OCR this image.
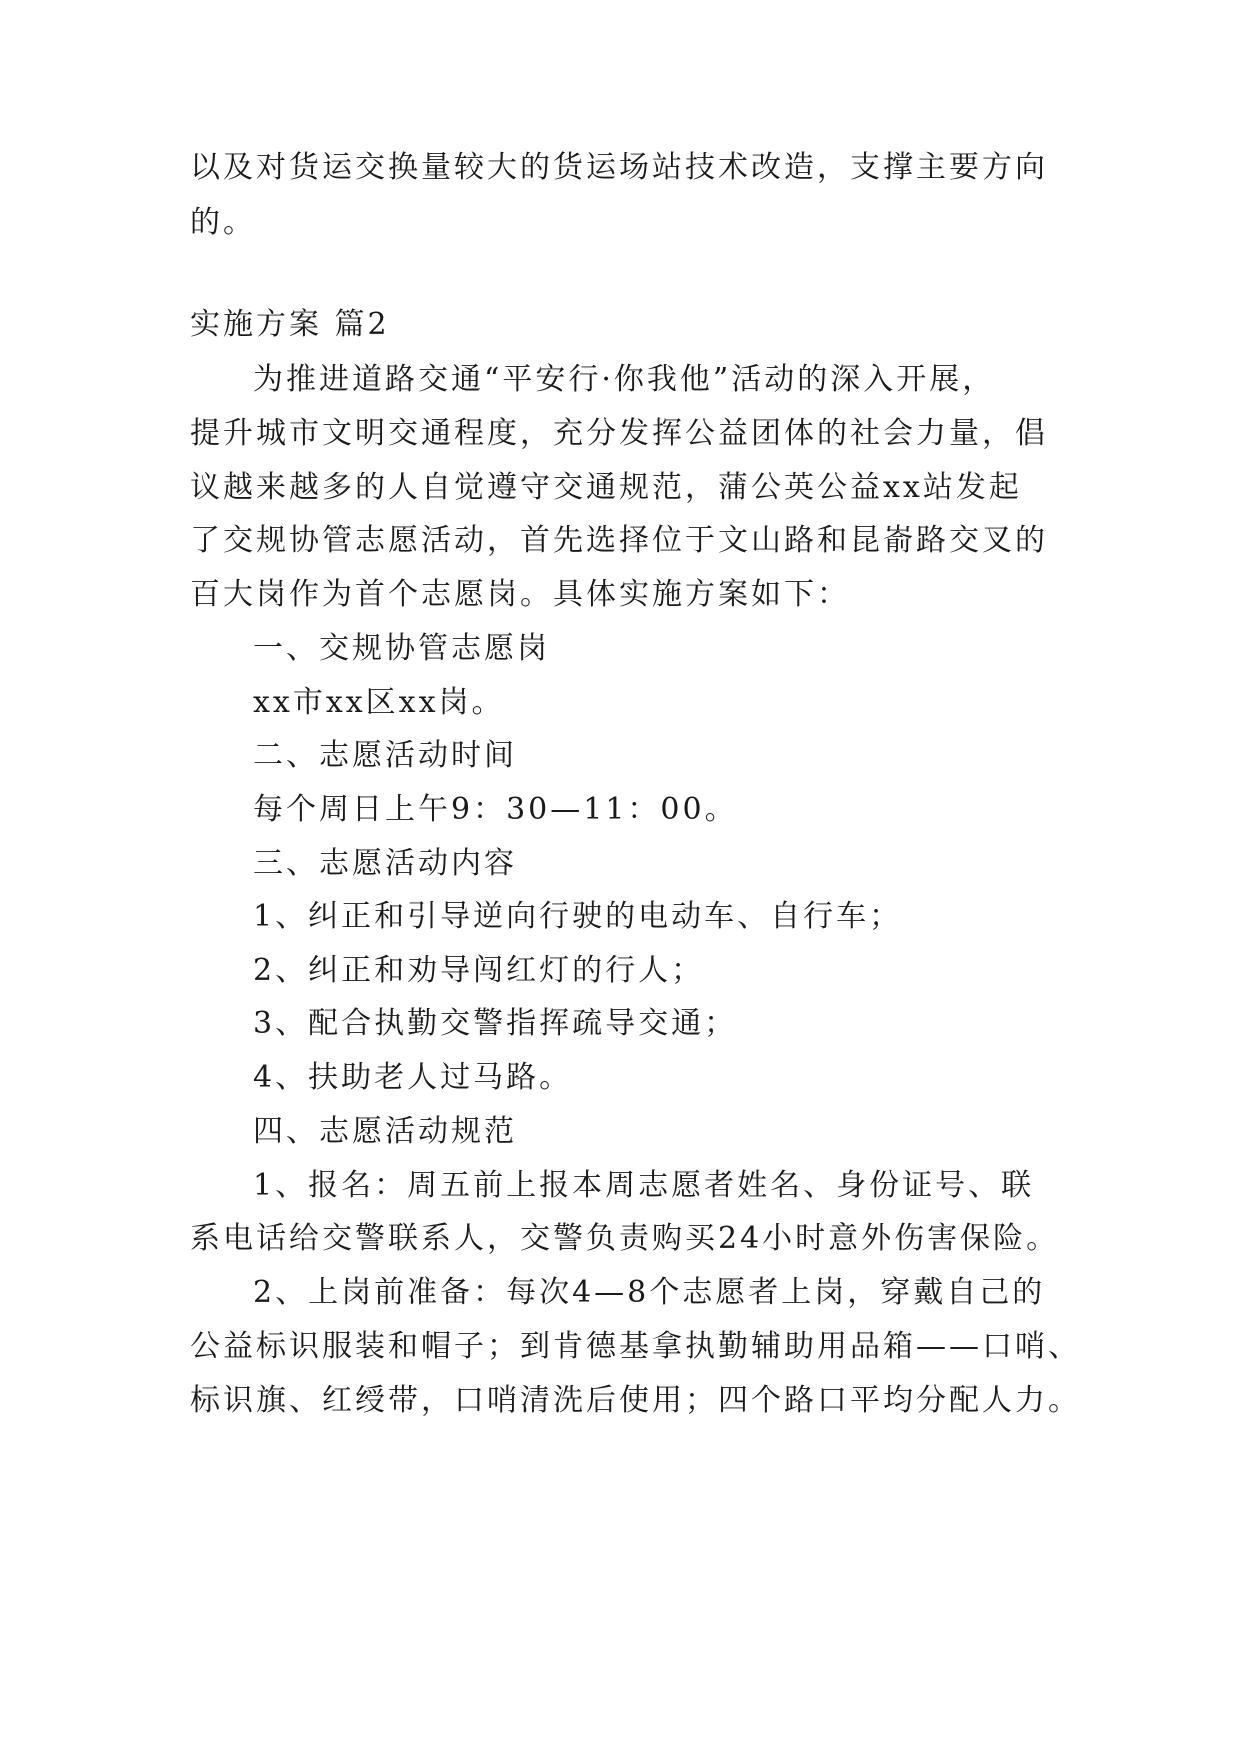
以及对货运交换量较大的货运场站技术改造，支撑主要方向
的。
实施方案 篇2
为推进道路交通“平安行·你我他”活动的深入开展，
提升城市文明交通程度，充分发挥公益团体的社会力量，倡
议越来越多的人自觉遵守交通规范，蒲公英公益xx站发起
了交规协管志愿活动，首先选择位于文山路和昆嵛路交叉的
百大岗作为首个志愿岗。具体实施方案如下：
一、交规协管志愿岗
xx市xx区xx岗。
二、志愿活动时间
每个周日上午9：30—11：00。
三、志愿活动内容
1、纠正和引导逆向行驶的电动车、自行车；
2、纠正和劝导闯红灯的行人；
3、配合执勤交警指挥疏导交通；
4、扶助老人过马路。
四、志愿活动规范
1、报名：周五前上报本周志愿者姓名、身份证号、联
系电话给交警联系人，交警负责购买24小时意外伤害保险。
2、上岗前准备：每次4—8个志愿者上岗，穿戴自己的
公益标识服装和帽子；到肯德基拿执勤辅助用品箱——口哨、
标识旗、红绶带，口哨清洗后使用；四个路口平均分配人力。
